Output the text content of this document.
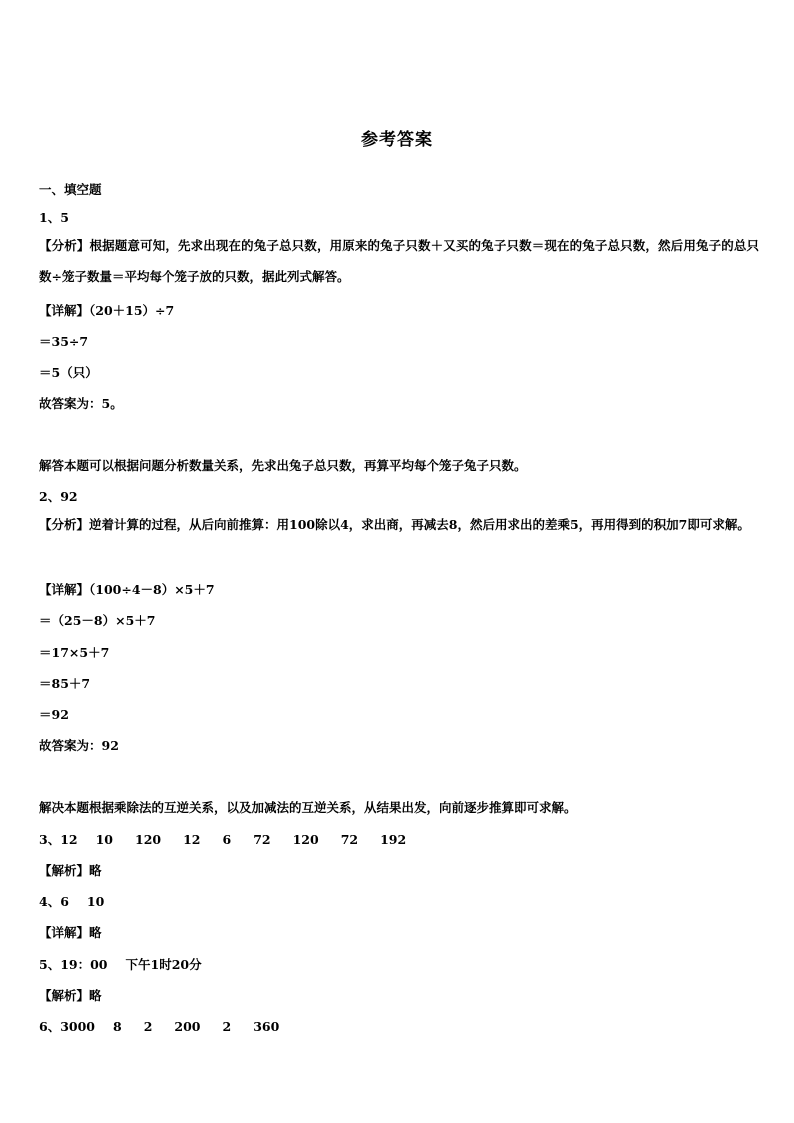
参考答案
一、填空题
1、5
【分析】根据题意可知，先求出现在的兔子总只数，用原来的兔子只数＋又买的兔子只数＝现在的兔子总只数，然后用兔子的总只数÷笼子数量＝平均每个笼子放的只数，据此列式解答。
【详解】（20＋15）÷7
＝35÷7
＝5（只）
故答案为：5。
解答本题可以根据问题分析数量关系，先求出兔子总只数，再算平均每个笼子兔子只数。
2、92
【分析】逆着计算的过程，从后向前推算：用100除以4，求出商，再减去8，然后用求出的差乘5，再用得到的积加7即可求解。
【详解】（100÷4－8）×5＋7
＝（25－8）×5＋7
＝17×5＋7
＝85＋7
＝92
故答案为：92
解决本题根据乘除法的互逆关系，以及加减法的互逆关系，从结果出发，向前逐步推算即可求解。
3、12 10 120 12 6 72 120 72 192
【解析】略
4、6 10
【详解】略
5、19：00 下午1时20分
【解析】略
6、3000 8 2 200 2 360
